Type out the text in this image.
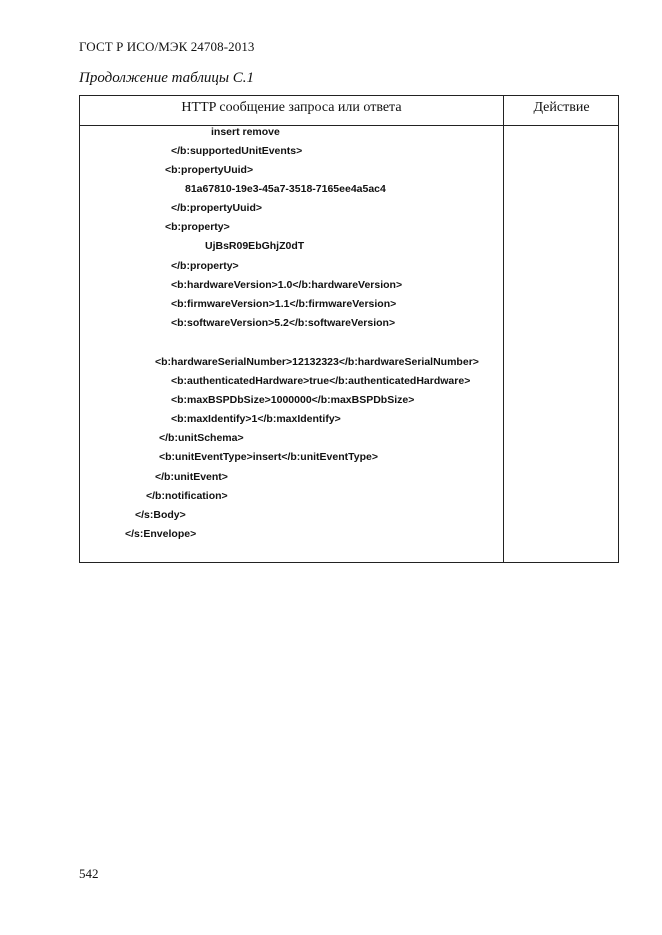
ГОСТ Р ИСО/МЭК 24708-2013
Продолжение таблицы С.1
HTTP сообщение запроса или ответа	Действие
insert remove
</b:supportedUnitEvents>
<b:propertyUuid>
81a67810-19e3-45a7-3518-7165ee4a5ac4
</b:propertyUuid>
<b:property>
UjBsR09EbGhjZ0dT
</b:property>
<b:hardwareVersion>1.0</b:hardwareVersion>
<b:firmwareVersion>1.1</b:firmwareVersion>
<b:softwareVersion>5.2</b:softwareVersion>
<b:hardwareSerialNumber>12132323</b:hardwareSerialNumber>
<b:authenticatedHardware>true</b:authenticatedHardware>
<b:maxBSPDbSize>1000000</b:maxBSPDbSize>
<b:maxIdentify>1</b:maxIdentify>
</b:unitSchema>
<b:unitEventType>insert</b:unitEventType>
</b:unitEvent>
</b:notification>
</s:Body>
</s:Envelope>
542
